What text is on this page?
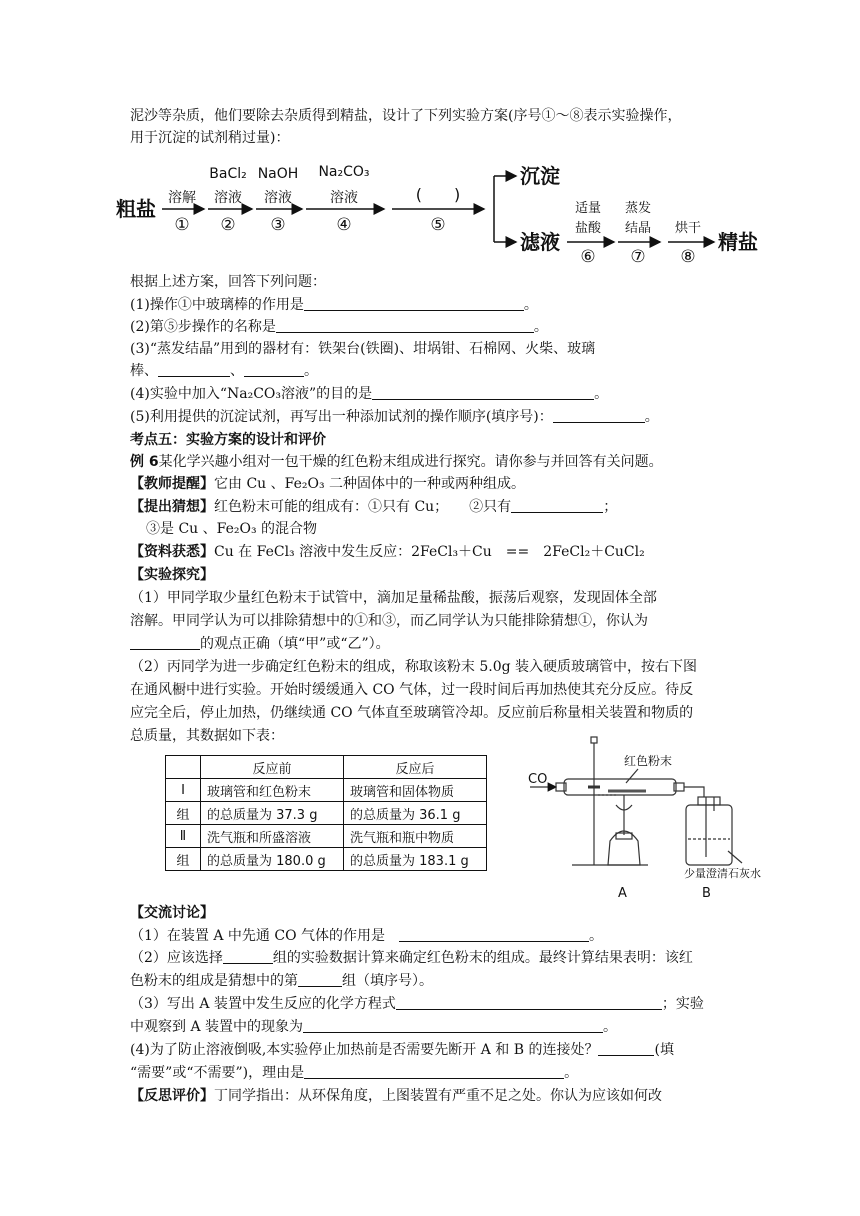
泥沙等杂质，他们要除去杂质得到精盐，设计了下列实验方案(序号①～⑧表示实验操作，
用于沉淀的试剂稍过量)：
粗盐 溶解
①
BaCl₂
溶液
②
NaOH
溶液
③
Na₂CO₃
溶液
④
(　　)
⑤
沉淀
滤液
适量
盐酸
⑥
蒸发
结晶
⑦
烘干
⑧
精盐
根据上述方案，回答下列问题：
(1)操作①中玻璃棒的作用是	。
(2)第⑤步操作的名称是	。
(3)“蒸发结晶”用到的器材有：铁架台(铁圈)、坩埚钳、石棉网、火柴、玻璃
棒、	、	。
(4)实验中加入“Na₂CO₃溶液”的目的是	。
(5)利用提供的沉淀试剂，再写出一种添加试剂的操作顺序(填序号)：	。
考点五：实验方案的设计和评价
例 6某化学兴趣小组对一包干燥的红色粉末组成进行探究。请你参与并回答有关问题。
【教师提醒】它由 Cu 、Fe₂O₃ 二种固体中的一种或两种组成。
【提出猜想】红色粉末可能的组成有：①只有 Cu；　　②只有	；
③是 Cu 、Fe₂O₃ 的混合物
【资料获悉】Cu 在 FeCl₃ 溶液中发生反应：2FeCl₃＋Cu　==　2FeCl₂＋CuCl₂
【实验探究】
（1）甲同学取少量红色粉末于试管中，滴加足量稀盐酸，振荡后观察，发现固体全部
溶解。甲同学认为可以排除猜想中的①和③，而乙同学认为只能排除猜想①，你认为
的观点正确（填“甲”或“乙”）。
（2）丙同学为进一步确定红色粉末的组成，称取该粉末 5.0g 装入硬质玻璃管中，按右下图
在通风橱中进行实验。开始时缓缓通入 CO 气体，过一段时间后再加热使其充分反应。待反
应完全后，停止加热，仍继续通 CO 气体直至玻璃管冷却。反应前后称量相关装置和物质的
总质量，其数据如下表：
	反应前	反应后
Ⅰ	玻璃管和红色粉末	玻璃管和固体物质
组	的总质量为 37.3 g	的总质量为 36.1 g
Ⅱ	洗气瓶和所盛溶液	洗气瓶和瓶中物质
组	的总质量为 180.0 g	的总质量为 183.1 g
CO
红色粉末
少量澄清石灰水
A	B
【交流讨论】
（1）在装置 A 中先通 CO 气体的作用是　	。
（2）应该选择	组的实验数据计算来确定红色粉末的组成。最终计算结果表明：该红
色粉末的组成是猜想中的第	组（填序号）。
（3）写出 A 装置中发生反应的化学方程式	；实验
中观察到 A 装置中的现象为	。
(4)为了防止溶液倒吸,本实验停止加热前是否需要先断开 A 和 B 的连接处？	(填
“需要”或“不需要”)，理由是	。
【反思评价】丁同学指出：从环保角度，上图装置有严重不足之处。你认为应该如何改
